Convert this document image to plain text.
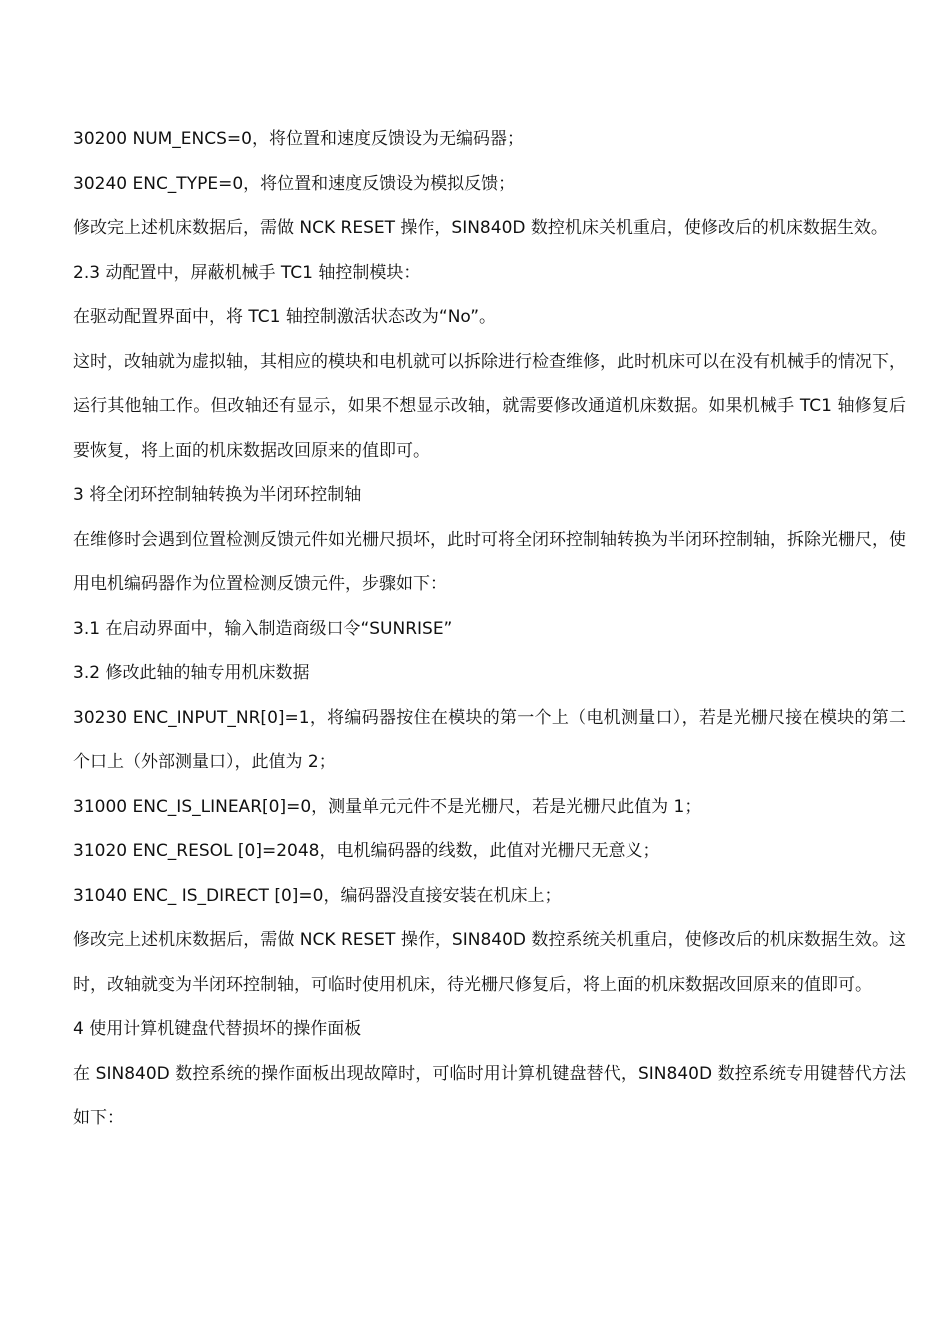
30200 NUM_ENCS=0，将位置和速度反馈设为无编码器；

30240 ENC_TYPE=0，将位置和速度反馈设为模拟反馈；

修改完上述机床数据后，需做 NCK RESET 操作，SIN840D 数控机床关机重启，使修改后的机床数据生效。

2.3 动配置中，屏蔽机械手 TC1 轴控制模块：

在驱动配置界面中，将 TC1 轴控制激活状态改为“No”。

这时，改轴就为虚拟轴，其相应的模块和电机就可以拆除进行检查维修，此时机床可以在没有机械手的情况下，运行其他轴工作。但改轴还有显示，如果不想显示改轴，就需要修改通道机床数据。如果机械手 TC1 轴修复后要恢复，将上面的机床数据改回原来的值即可。

3 将全闭环控制轴转换为半闭环控制轴

在维修时会遇到位置检测反馈元件如光栅尺损坏，此时可将全闭环控制轴转换为半闭环控制轴，拆除光栅尺，使用电机编码器作为位置检测反馈元件，步骤如下：

3.1 在启动界面中，输入制造商级口令“SUNRISE”

3.2 修改此轴的轴专用机床数据

30230 ENC_INPUT_NR[0]=1，将编码器按住在模块的第一个上（电机测量口），若是光栅尺接在模块的第二个口上（外部测量口），此值为 2；

31000 ENC_IS_LINEAR[0]=0，测量单元元件不是光栅尺，若是光栅尺此值为 1；

31020 ENC_RESOL [0]=2048，电机编码器的线数，此值对光栅尺无意义；

31040 ENC_ IS_DIRECT [0]=0，编码器没直接安装在机床上；

修改完上述机床数据后，需做 NCK RESET 操作，SIN840D 数控系统关机重启，使修改后的机床数据生效。这时，改轴就变为半闭环控制轴，可临时使用机床，待光栅尺修复后，将上面的机床数据改回原来的值即可。

4 使用计算机键盘代替损坏的操作面板

在 SIN840D 数控系统的操作面板出现故障时，可临时用计算机键盘替代，SIN840D 数控系统专用键替代方法如下：
